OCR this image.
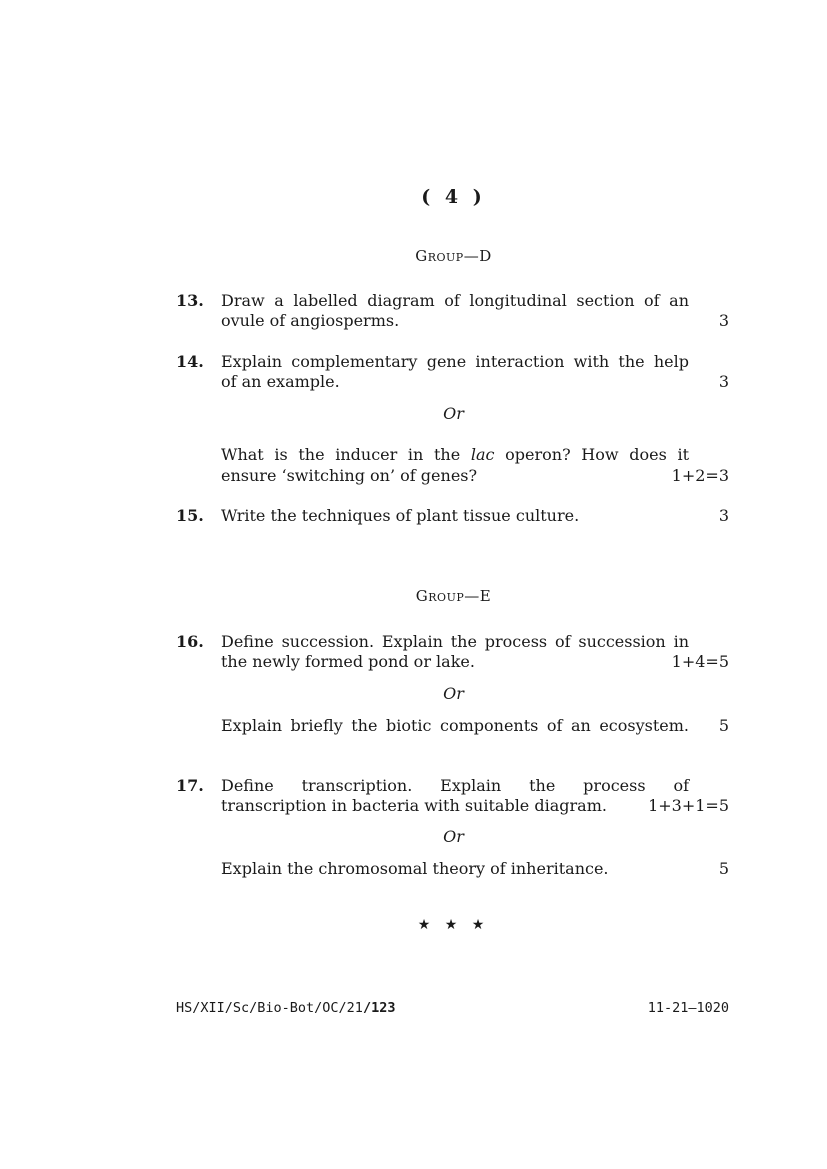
( 4 )
Group—D
13. Draw a labelled diagram of longitudinal section of an
ovule of angiosperms.	3
14. Explain complementary gene interaction with the help
of an example.	3
Or
What is the inducer in the lac operon? How does it
ensure ‘switching on’ of genes?	1+2=3
15. Write the techniques of plant tissue culture.	3
Group—E
16. Define succession. Explain the process of succession in
the newly formed pond or lake.	1+4=5
Or
Explain briefly the biotic components of an ecosystem. 5
17. Define transcription. Explain the process of
transcription in bacteria with suitable diagram.	1+3+1=5
Or
Explain the chromosomal theory of inheritance.	5
★ ★ ★
HS/XII/Sc/Bio-Bot/OC/21/123	11-21—1020
